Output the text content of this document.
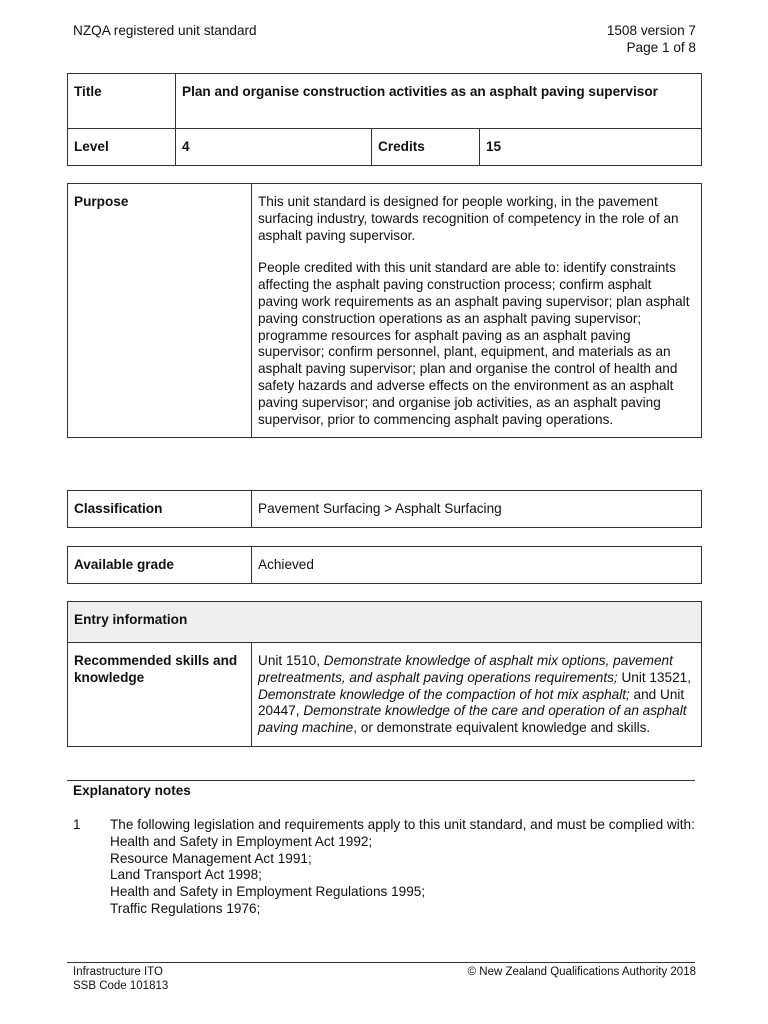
NZQA registered unit standard	1508 version 7
Page 1 of 8
Title	Plan and organise construction activities as an asphalt paving supervisor		
Level	4	Credits	15
Purpose	This unit standard is designed for people working, in the pavement surfacing industry, towards recognition of competency in the role of an asphalt paving supervisor.

People credited with this unit standard are able to: identify constraints affecting the asphalt paving construction process; confirm asphalt paving work requirements as an asphalt paving supervisor; plan asphalt paving construction operations as an asphalt paving supervisor; programme resources for asphalt paving as an asphalt paving supervisor; confirm personnel, plant, equipment, and materials as an asphalt paving supervisor; plan and organise the control of health and safety hazards and adverse effects on the environment as an asphalt paving supervisor; and organise job activities, as an asphalt paving supervisor, prior to commencing asphalt paving operations.

Classification	Pavement Surfacing > Asphalt Surfacing
Available grade	Achieved
Entry information
Recommended skills and knowledge	Unit 1510, Demonstrate knowledge of asphalt mix options, pavement pretreatments, and asphalt paving operations requirements; Unit 13521, Demonstrate knowledge of the compaction of hot mix asphalt; and Unit 20447, Demonstrate knowledge of the care and operation of an asphalt paving machine, or demonstrate equivalent knowledge and skills.
Explanatory notes
1 The following legislation and requirements apply to this unit standard, and must be complied with:
Health and Safety in Employment Act 1992;
Resource Management Act 1991;
Land Transport Act 1998;
Health and Safety in Employment Regulations 1995;
Traffic Regulations 1976;
Infrastructure ITO
SSB Code 101813
© New Zealand Qualifications Authority 2018
